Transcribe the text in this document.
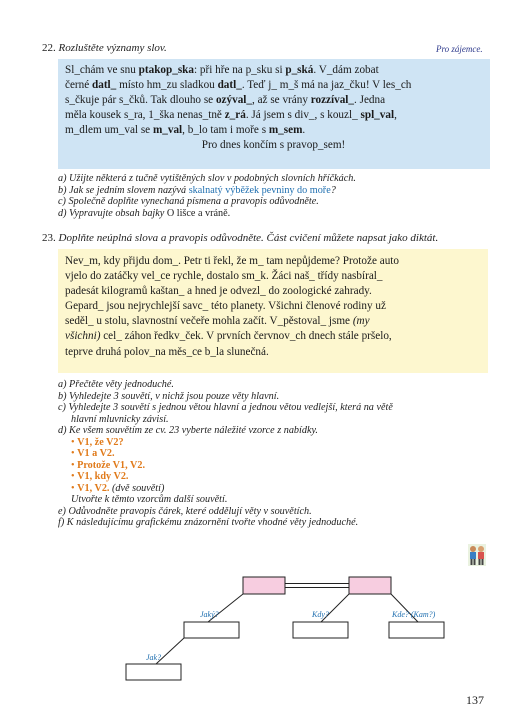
22. Rozluštěte významy slov.	Pro zájemce.

Sl_chám ve snu ptakop_ska: při hře na p_sku si p_ská. V_dám zobat

černé datl_ místo hm_zu sladkou datl_. Teď j_ m_š má na jaz_čku! V les_ch

s_čkuje pár s_čků. Tak dlouho se ozýval_, až se vrány rozzíval_. Jedna

měla kousek s_ra, 1_ška nenas_tně z_rá. Já jsem s div_, s kouzl_ spl_val,

m_dlem um_val se m_val, b_lo tam i moře s m_sem.

Pro dnes končím s pravop_sem!

a) Užijte některá z tučně vytištěných slov v podobných slovních hříčkách.
b) Jak se jedním slovem nazývá skalnatý výběžek pevniny do moře?
c) Společně doplňte vynechaná písmena a pravopis odůvodněte.
d) Vypravujte obsah bajky O lišce a vráně.
23. Doplňte neúplná slova a pravopis odůvodněte. Část cvičení můžete napsat jako diktát.

Nev_m, kdy přijdu dom_. Petr ti řekl, že m_ tam nepůjdeme? Protože auto

vjelo do zatáčky vel_ce rychle, dostalo sm_k. Žáci naš_ třídy nasbíral_

padesát kilogramů kaštan_ a hned je odvezl_ do zoologické zahrady.

Gepard_ jsou nejrychlejší savc_ této planety. Všichni členové rodiny už

seděl_ u stolu, slavnostní večeře mohla začít. V_pěstoval_ jsme (my

všichni) cel_ záhon ředkv_ček. V prvních červnov_ch dnech stále pršelo,

teprve druhá polov_na měs_ce b_la slunečná.

a) Přečtěte věty jednoduché.
b) Vyhledejte 3 souvětí, v nichž jsou pouze věty hlavní.
c) Vyhledejte 3 souvětí s jednou větou hlavní a jednou větou vedlejší, která na větě
hlavní mluvnicky závisí.
d) Ke všem souvětím ze cv. 23 vyberte náležité vzorce z nabídky.
• V1, že V2?
• V1 a V2.
• Protože V1, V2.
• V1, kdy V2.
• V1, V2. (dvě souvětí)
Utvořte k těmto vzorcům další souvětí.
e) Odůvodněte pravopis čárek, které oddělují věty v souvětích.
f) K následujícímu grafickému znázornění tvořte vhodné věty jednoduché.
Jaký?	Kdy?	Kde? (Kam?)
Jak?
137
